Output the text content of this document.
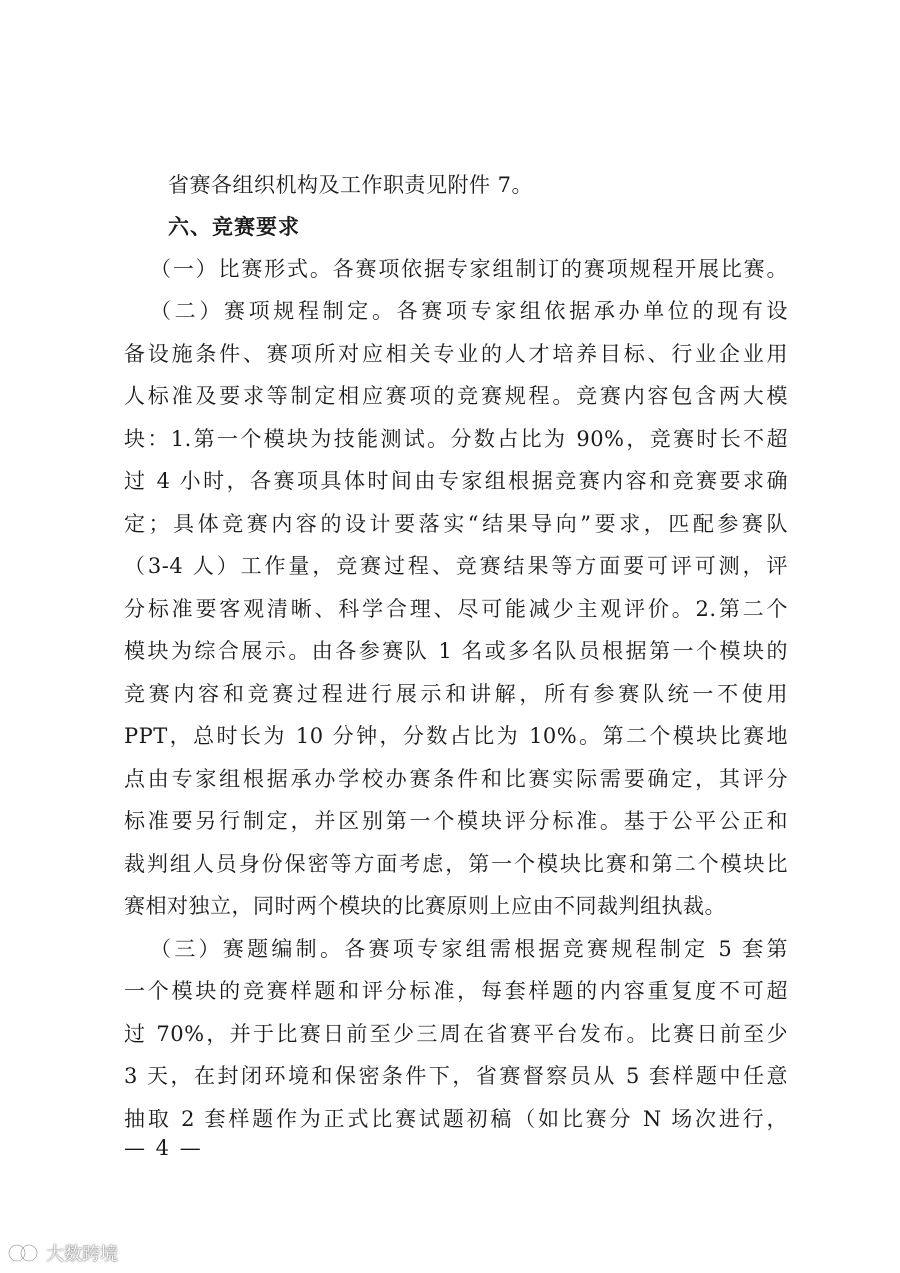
省赛各组织机构及工作职责见附件 7。
六、竞赛要求
（一）比赛形式。各赛项依据专家组制订的赛项规程开展比赛。
（二）赛项规程制定。各赛项专家组依据承办单位的现有设
备设施条件、赛项所对应相关专业的人才培养目标、行业企业用
人标准及要求等制定相应赛项的竞赛规程。竞赛内容包含两大模
块：1.第一个模块为技能测试。分数占比为 90%，竞赛时长不超
过 4 小时，各赛项具体时间由专家组根据竞赛内容和竞赛要求确
定；具体竞赛内容的设计要落实“结果导向”要求，匹配参赛队
（3-4 人）工作量，竞赛过程、竞赛结果等方面要可评可测，评
分标准要客观清晰、科学合理、尽可能减少主观评价。2.第二个
模块为综合展示。由各参赛队 1 名或多名队员根据第一个模块的
竞赛内容和竞赛过程进行展示和讲解，所有参赛队统一不使用
PPT，总时长为 10 分钟，分数占比为 10%。第二个模块比赛地
点由专家组根据承办学校办赛条件和比赛实际需要确定，其评分
标准要另行制定，并区别第一个模块评分标准。基于公平公正和
裁判组人员身份保密等方面考虑，第一个模块比赛和第二个模块比
赛相对独立，同时两个模块的比赛原则上应由不同裁判组执裁。
（三）赛题编制。各赛项专家组需根据竞赛规程制定 5 套第
一个模块的竞赛样题和评分标准，每套样题的内容重复度不可超
过 70%，并于比赛日前至少三周在省赛平台发布。比赛日前至少
3 天，在封闭环境和保密条件下，省赛督察员从 5 套样题中任意
抽取 2 套样题作为正式比赛试题初稿（如比赛分 N 场次进行，
— 4 —
大数跨境
